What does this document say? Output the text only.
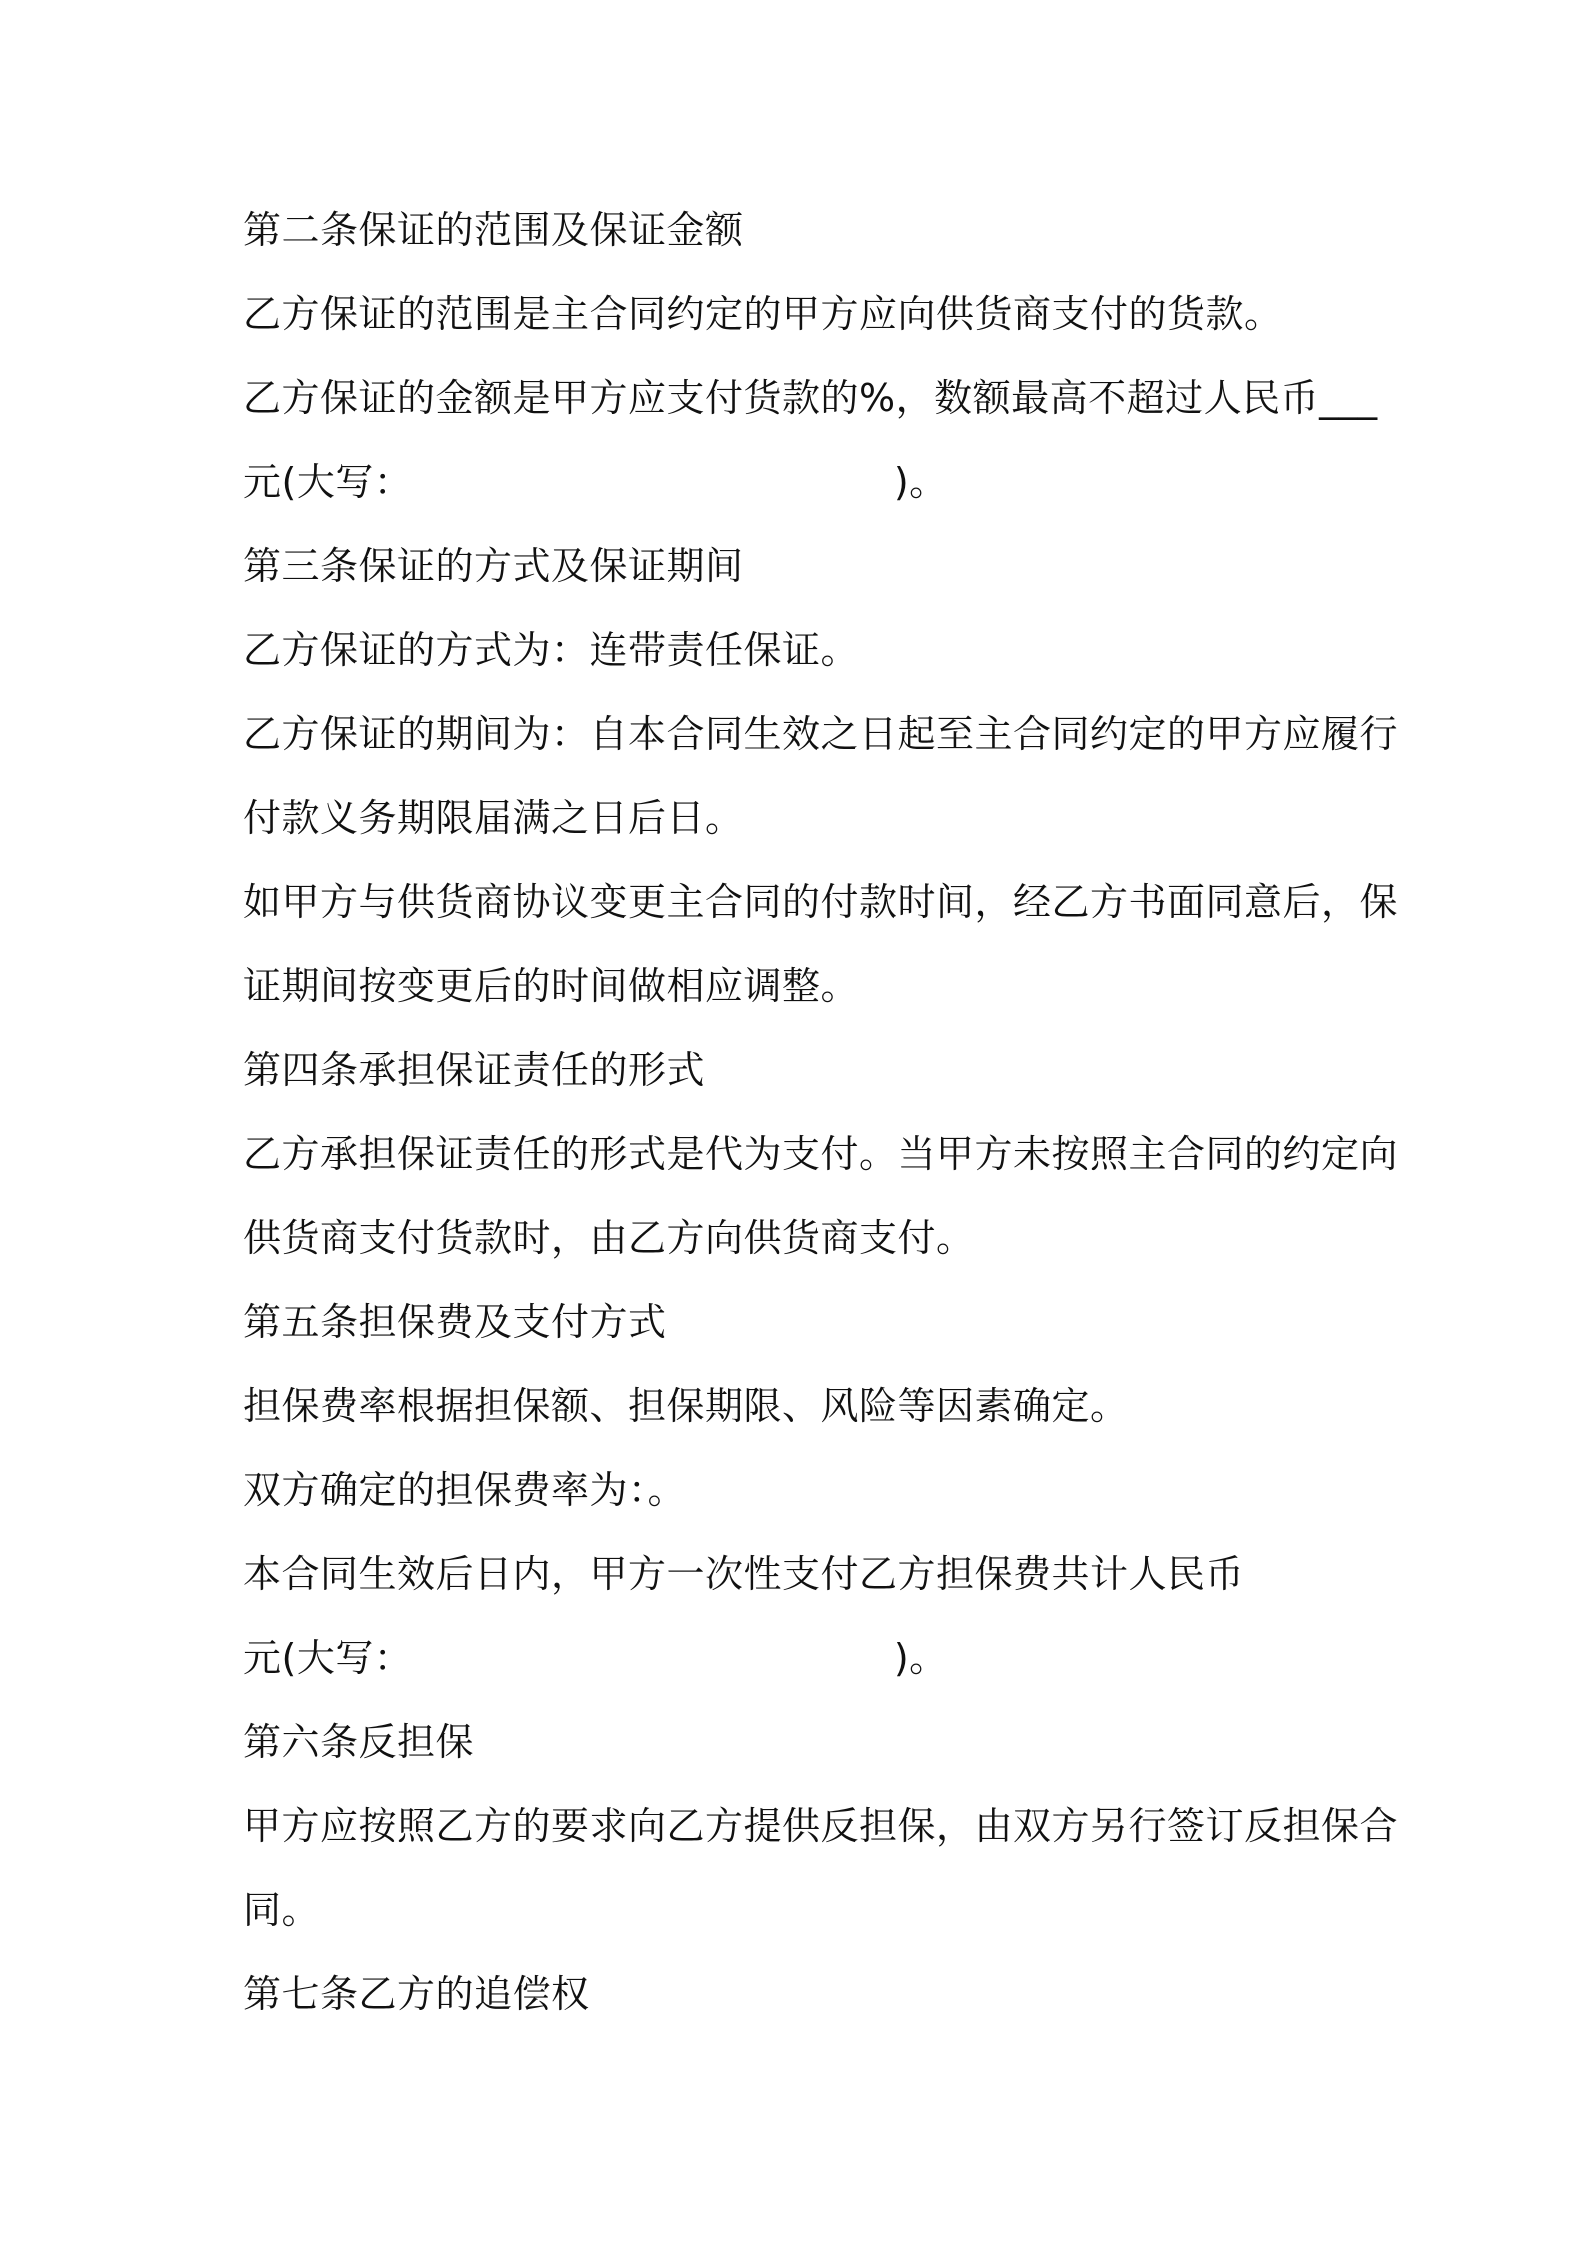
第二条保证的范围及保证金额
乙方保证的范围是主合同约定的甲方应向供货商支付的货款。
乙方保证的金额是甲方应支付货款的%，数额最高不超过人民币___
元(大写：　　　　　　　　　　　　　)。
第三条保证的方式及保证期间
乙方保证的方式为：连带责任保证。
乙方保证的期间为：自本合同生效之日起至主合同约定的甲方应履行
付款义务期限届满之日后日。
如甲方与供货商协议变更主合同的付款时间，经乙方书面同意后，保
证期间按变更后的时间做相应调整。
第四条承担保证责任的形式
乙方承担保证责任的形式是代为支付。当甲方未按照主合同的约定向
供货商支付货款时，由乙方向供货商支付。
第五条担保费及支付方式
担保费率根据担保额、担保期限、风险等因素确定。
双方确定的担保费率为：。
本合同生效后日内，甲方一次性支付乙方担保费共计人民币
元(大写：　　　　　　　　　　　　　)。
第六条反担保
甲方应按照乙方的要求向乙方提供反担保，由双方另行签订反担保合
同。
第七条乙方的追偿权
